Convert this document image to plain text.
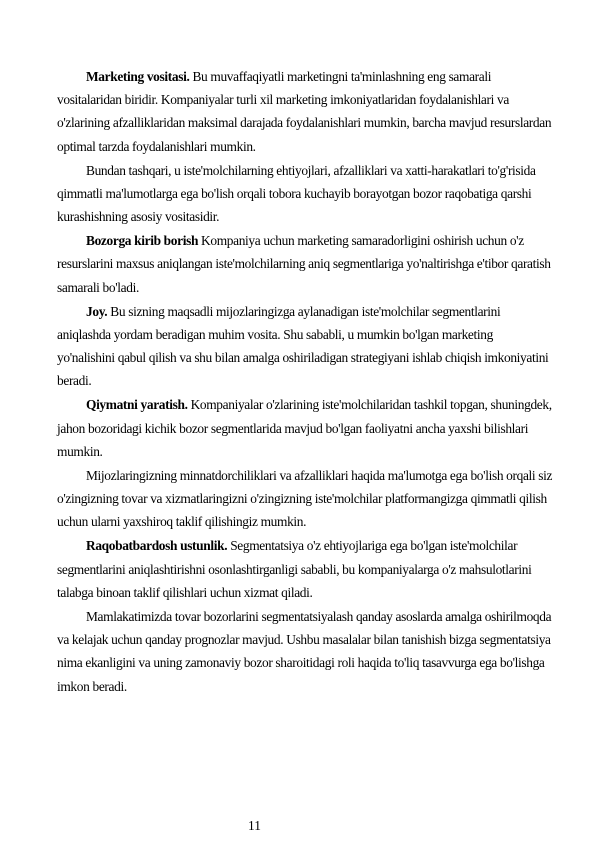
Marketing vositasi. Bu muvaffaqiyatli marketingni ta'minlashning eng samarali vositalaridan biridir. Kompaniyalar turli xil marketing imkoniyatlaridan foydalanishlari va o'zlarining afzalliklaridan maksimal darajada foydalanishlari mumkin, barcha mavjud resurslardan optimal tarzda foydalanishlari mumkin.

Bundan tashqari, u iste'molchilarning ehtiyojlari, afzalliklari va xatti-harakatlari to'g'risida qimmatli ma'lumotlarga ega bo'lish orqali tobora kuchayib borayotgan bozor raqobatiga qarshi kurashishning asosiy vositasidir.

Bozorga kirib borish Kompaniya uchun marketing samaradorligini oshirish uchun o'z resurslarini maxsus aniqlangan iste'molchilarning aniq segmentlariga yo'naltirishga e'tibor qaratish samarali bo'ladi.

Joy. Bu sizning maqsadli mijozlaringizga aylanadigan iste'molchilar segmentlarini aniqlashda yordam beradigan muhim vosita. Shu sababli, u mumkin bo'lgan marketing yo'nalishini qabul qilish va shu bilan amalga oshiriladigan strategiyani ishlab chiqish imkoniyatini beradi.

Qiymatni yaratish. Kompaniyalar o'zlarining iste'molchilaridan tashkil topgan, shuningdek, jahon bozoridagi kichik bozor segmentlarida mavjud bo'lgan faoliyatni ancha yaxshi bilishlari mumkin.

Mijozlaringizning minnatdorchiliklari va afzalliklari haqida ma'lumotga ega bo'lish orqali siz o'zingizning tovar va xizmatlaringizni o'zingizning iste'molchilar platformangizga qimmatli qilish uchun ularni yaxshiroq taklif qilishingiz mumkin.

Raqobatbardosh ustunlik. Segmentatsiya o'z ehtiyojlariga ega bo'lgan iste'molchilar segmentlarini aniqlashtirishni osonlashtirganligi sababli, bu kompaniyalarga o'z mahsulotlarini talabga binoan taklif qilishlari uchun xizmat qiladi.

Mamlakatimizda tovar bozorlarini segmentatsiyalash qanday asoslarda amalga oshirilmoqda va kelajak uchun qanday prognozlar mavjud. Ushbu masalalar bilan tanishish bizga segmentatsiya nima ekanligini va uning zamonaviy bozor sharoitidagi roli haqida to'liq tasavvurga ega bo'lishga imkon beradi.

11
